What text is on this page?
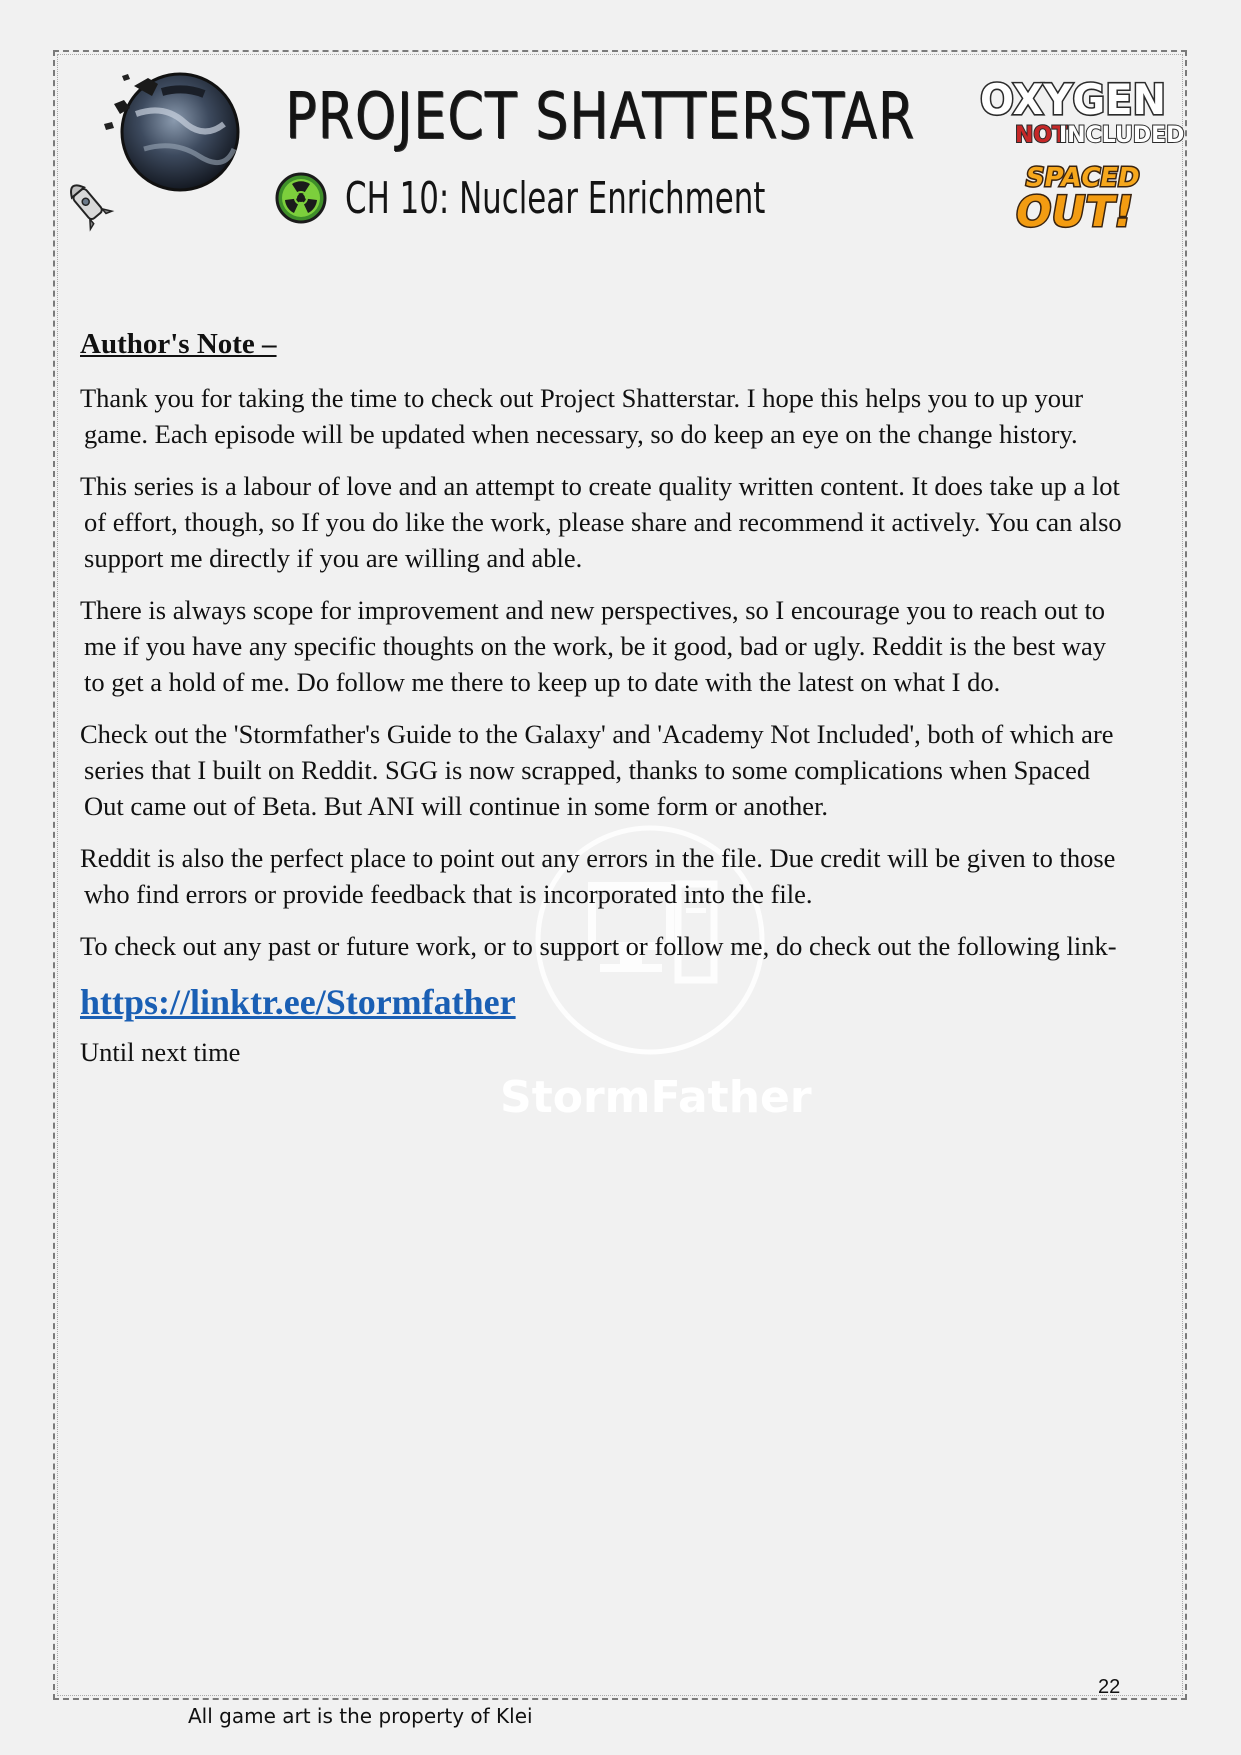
PROJECT SHATTERSTAR
CH 10: Nuclear Enrichment
OXYGEN
NOT
INCLUDED
SPACED
OUT!
StormFather
Author's Note –

Thank you for taking the time to check out Project Shatterstar. I hope this helps you to up your game. Each episode will be updated when necessary, so do keep an eye on the change history.

This series is a labour of love and an attempt to create quality written content. It does take up a lot of effort, though, so If you do like the work, please share and recommend it actively. You can also support me directly if you are willing and able.

There is always scope for improvement and new perspectives, so I encourage you to reach out to me if you have any specific thoughts on the work, be it good, bad or ugly. Reddit is the best way to get a hold of me. Do follow me there to keep up to date with the latest on what I do.

Check out the 'Stormfather's Guide to the Galaxy' and 'Academy Not Included', both of which are series that I built on Reddit. SGG is now scrapped, thanks to some complications when Spaced Out came out of Beta. But ANI will continue in some form or another.

Reddit is also the perfect place to point out any errors in the file. Due credit will be given to those who find errors or provide feedback that is incorporated into the file.

To check out any past or future work, or to support or follow me, do check out the following link-

https://linktr.ee/Stormfather

Until next time

22
All game art is the property of Klei
